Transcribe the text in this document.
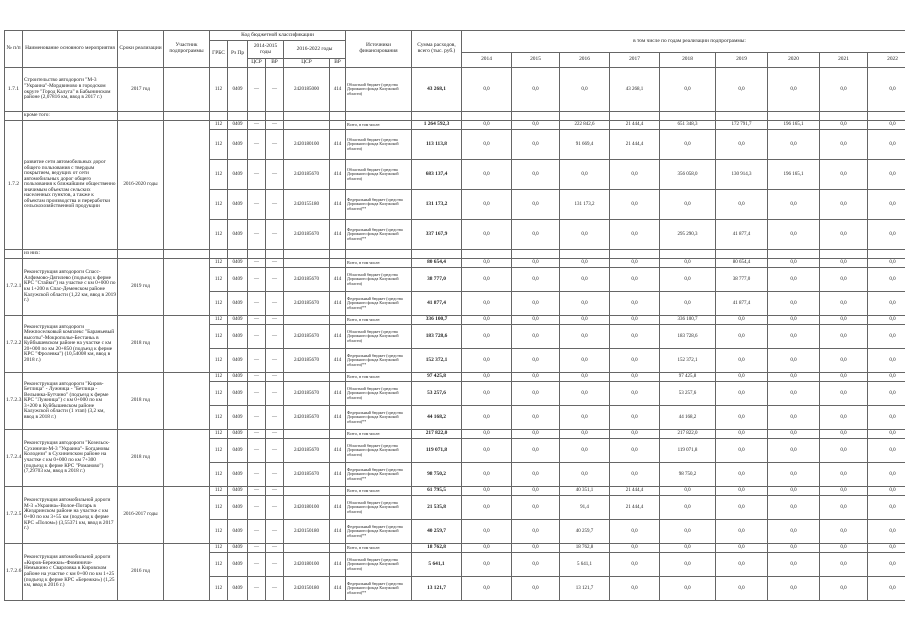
№ п/п	Наименование основного мероприятия	Сроки реализации	Участник подпрограммы	Код бюджетной классификации						Источники финансирования	Сумма расходов, всего (тыс. руб.)	в том числе по годам реализации подпрограммы:								
				ГРБС	Рз Пр	2014-2015 годы		2016-2022 годы												
												2014	2015	2016	2017	2018	2019	2020	2021	2022
						ЦСР	ВР	ЦСР	ВР											
1.7.1	Строительство автодороги "М-3 "Украина"-Мордвиново в городском округе "Город Калуга" в Бабынинском районе (2,07816 км, ввод в 2017 г.)	2017 год		112	0409	—	—	2420185000	414	Областной бюджет (средства Дорожного фонда Калужской области)	43 268,1	0,0	0,0	0,0	43 268,1	0,0	0,0	0,0	0,0	0,0
	кроме того:																			
1.7.2	развитие сети автомобильных дорог общего пользования с твердым покрытием, ведущих от сети автомобильных дорог общего пользования к ближайшим общественно значимым объектам сельских населенных пунктов, а также к объектам производства и переработки сельскохозяйственной продукции	2016-2020 годы		112	0409	—	—			Всего, в том числе:	1 264 592,3	0,0	0,0	222 842,6	21 444,4	651 348,3	172 791,7	196 165,1	0,0	0,0
				112	0409	—	—	2420180100	414	Областной бюджет (средства Дорожного фонда Калужской области)	113 113,8	0,0	0,0	91 669,4	21 444,4	0,0	0,0	0,0	0,0	0,0
				112	0409	—	—	2420185670	414	Областной бюджет (средства Дорожного фонда Калужской области)	683 137,4	0,0	0,0	0,0	0,0	356 058,0	130 914,3	196 165,1	0,0	0,0
				112	0409	—	—	2420155180	414	Федеральный бюджет (средства Дорожного фонда Калужской области)**	131 173,2	0,0	0,0	131 173,2	0,0	0,0	0,0	0,0	0,0	0,0
				112	0409	—	—	2420185670	414	Федеральный бюджет (средства Дорожного фонда Калужской области)**	337 167,9	0,0	0,0	0,0	0,0	295 290,3	41 877,4	0,0	0,0	0,0
	из них:																			
1.7.2.1	Реконструкция автодороги Спасс-Алфимово-Дягилево (подъезд к ферме КРС "Стайки") на участке с км 0+000 по км 1+200 в Спас-Деменском районе Калужской области (1,22 км, ввод в 2019 г.)	2019 год		112	0409	—	—			Всего, в том числе:	80 654,4	0,0	0,0	0,0	0,0	0,0	80 654,4	0,0	0,0	0,0
				112	0409	—	—	2420185670	414	Областной бюджет (средства Дорожного фонда Калужской области)	38 777,0	0,0	0,0	0,0	0,0	0,0	38 777,0	0,0	0,0	0,0
				112	0409	—	—	2420185670	414	Федеральный бюджет (средства Дорожного фонда Калужской области)**	41 877,4	0,0	0,0	0,0	0,0	0,0	41 877,4	0,0	0,0	0,0
1.7.2.2	Реконструкция автодороги Межпоселковый комплекс "Бараньевый высоты"-Мокрополье-Бестаньь в Куйбышевском районе на участке с км 20+000 по км 20+850 (подъезд к ферме КРС "Фролевка") (10,54008 км, ввод в 2018 г.)	2018 год		112	0409	—	—			Всего, в том числе:	336 100,7	0,0	0,0	0,0	0,0	336 100,7	0,0	0,0	0,0	0,0
				112	0409	—	—	2420185670	414	Областной бюджет (средства Дорожного фонда Калужской области)	183 728,6	0,0	0,0	0,0	0,0	183 728,6	0,0	0,0	0,0	0,0
				112	0409	—	—	2420185670	414	Федеральный бюджет (средства Дорожного фонда Калужской области)**	152 372,1	0,0	0,0	0,0	0,0	152 372,1	0,0	0,0	0,0	0,0
1.7.2.3	Реконструкция автодороги "Киров-Бетлица" - Лужница - "Бетлица - Вельинка-Бутчино" (подъезд к ферме КРС "Лужница") с км 0+000 по км 3+200 в Куйбышевском районе Калужской области (1 этап) (3,2 км, ввод в 2018 г.)	2018 год		112	0409	—	—			Всего, в том числе:	97 425,8	0,0	0,0	0,0	0,0	97 425,8	0,0	0,0	0,0	0,0
				112	0409	—	—	2420185670	414	Областной бюджет (средства Дорожного фонда Калужской области)	53 257,6	0,0	0,0	0,0	0,0	53 257,6	0,0	0,0	0,0	0,0
				112	0409	—	—	2420185670	414	Федеральный бюджет (средства Дорожного фонда Калужской области)**	44 168,2	0,0	0,0	0,0	0,0	44 168,2	0,0	0,0	0,0	0,0
1.7.2.4	Реконструкция автодороги "Козельск-Сухиничи-М-3 "Украина"- Богдановы Колодези" в Сухиничском районе на участке с км 0+000 по км 7+300 (подъезд к ферме КРС "Романово") (7,29703 км, ввод в 2018 г.)	2018 год		112	0409	—	—			Всего, в том числе:	217 822,0	0,0	0,0	0,0	0,0	217 822,0	0,0	0,0	0,0	0,0
				112	0409	—	—	2420185670	414	Областной бюджет (средства Дорожного фонда Калужской области)	119 071,8	0,0	0,0	0,0	0,0	119 071,8	0,0	0,0	0,0	0,0
				112	0409	—	—	2420185670	414	Федеральный бюджет (средства Дорожного фонда Калужской области)**	98 750,2	0,0	0,0	0,0	0,0	98 750,2	0,0	0,0	0,0	0,0
1.7.2.5	Реконструкция автомобильной дороги М-3 «Украина»-Волое-Погарь в Жиздринском районе на участке с км 0+00 по км 3+55 км (подъезд к ферме КРС «Полом») (3,55371 км, ввод в 2017 г.)	2016-2017 годы		112	0409	—	—			Всего, в том числе:	61 795,5	0,0	0,0	40 351,1	21 444,4	0,0	0,0	0,0	0,0	0,0
				112	0409	—	—	2420180100	414	Областной бюджет (средства Дорожного фонда Калужской области)	21 535,8	0,0	0,0	91,4	21 444,4	0,0	0,0	0,0	0,0	0,0
				112	0409	—	—	2420150180	414	Федеральный бюджет (средства Дорожного фонда Калужской области)**	40 259,7	0,0	0,0	40 259,7	0,0	0,0	0,0	0,0	0,0	0,0
1.7.2.6	Реконструкция автомобильной дороги «Киров-Бережки»-Фоминичи-Немыкино с Сварловка в Кировском районе на участке с км 0+00 по км 1+25 (подъезд к ферме КРС «Бережки») (1,25 км, ввод в 2016 г.)	2016 год		112	0409	—	—			Всего, в том числе:	18 762,8	0,0	0,0	18 762,8	0,0	0,0	0,0	0,0	0,0	0,0
				112	0409	—	—	2420180100	414	Областной бюджет (средства Дорожного фонда Калужской области)	5 641,1	0,0	0,0	5 641,1	0,0	0,0	0,0	0,0	0,0	0,0
				112	0409	—	—	2420150180	414	Федеральный бюджет (средства Дорожного фонда Калужской области)**	13 121,7	0,0	0,0	13 121,7	0,0	0,0	0,0	0,0	0,0	0,0
